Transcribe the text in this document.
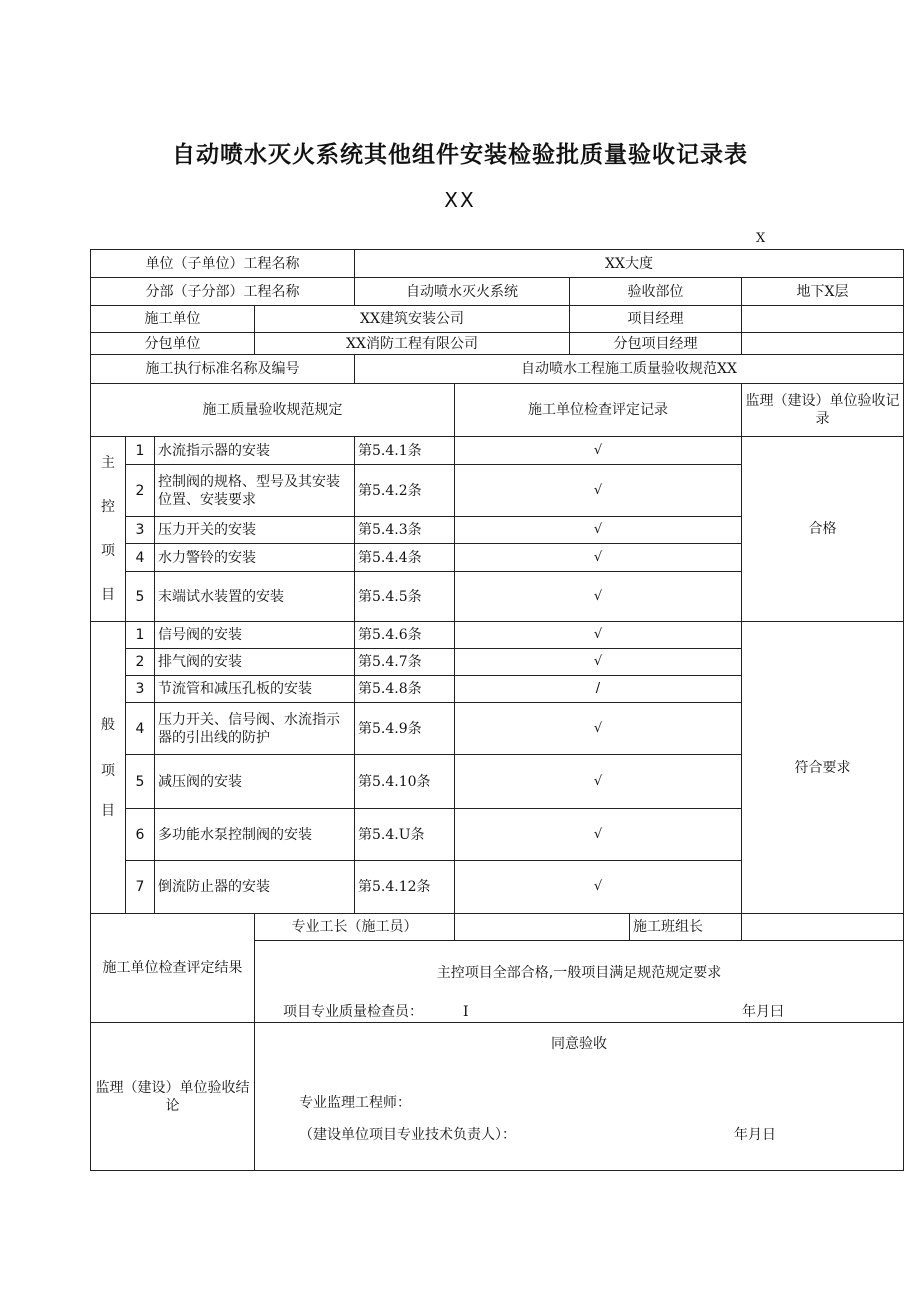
自动喷水灭火系统其他组件安装检验批质量验收记录表
XX
X
单位（子单位）工程名称				XX大度				
分部（子分部）工程名称				自动喷水灭火系统		验收部位		地下X层
施工单位			XX建筑安装公司			项目经理		
分包单位			XX消防工程有限公司			分包项目经理		
施工执行标准名称及编号				自动喷水工程施工质量验收规范XX				
施工质量验收规范规定					施工单位检查评定记录			监理（建设）单位验收记录

主
控
项
目	1	水流指示器的安装		第5.4.1条	√			合格
	2	控制阀的规格、型号及其安装位置、安装要求		第5.4.2条	√			
	3	压力开关的安装		第5.4.3条	√			
	4	水力警铃的安装		第5.4.4条	√			
	5	末端试水装置的安装		第5.4.5条	√			

般
项
目	1	信号阀的安装		第5.4.6条	√			符合要求
	2	排气阀的安装		第5.4.7条	√			
	3	节流管和减压孔板的安装		第5.4.8条	/			
	4	压力开关、信号阀、水流指示器的引出线的防护		第5.4.9条	√			
	5	减压阀的安装		第5.4.10条	√			
	6	多功能水泵控制阀的安装		第5.4.U条	√			
	7	倒流防止器的安装		第5.4.12条	√			
施工单位检查评定结果			专业工长（施工员）				施工班组长	

			主控项目全部合格,一般项目满足规范规定要求
项目专业质量检查员： I 年月曰					

监理（建设）单位验收结论			同意验收
专业监理工程师：
（建设单位项目专业技术负责人）： 年月日					
